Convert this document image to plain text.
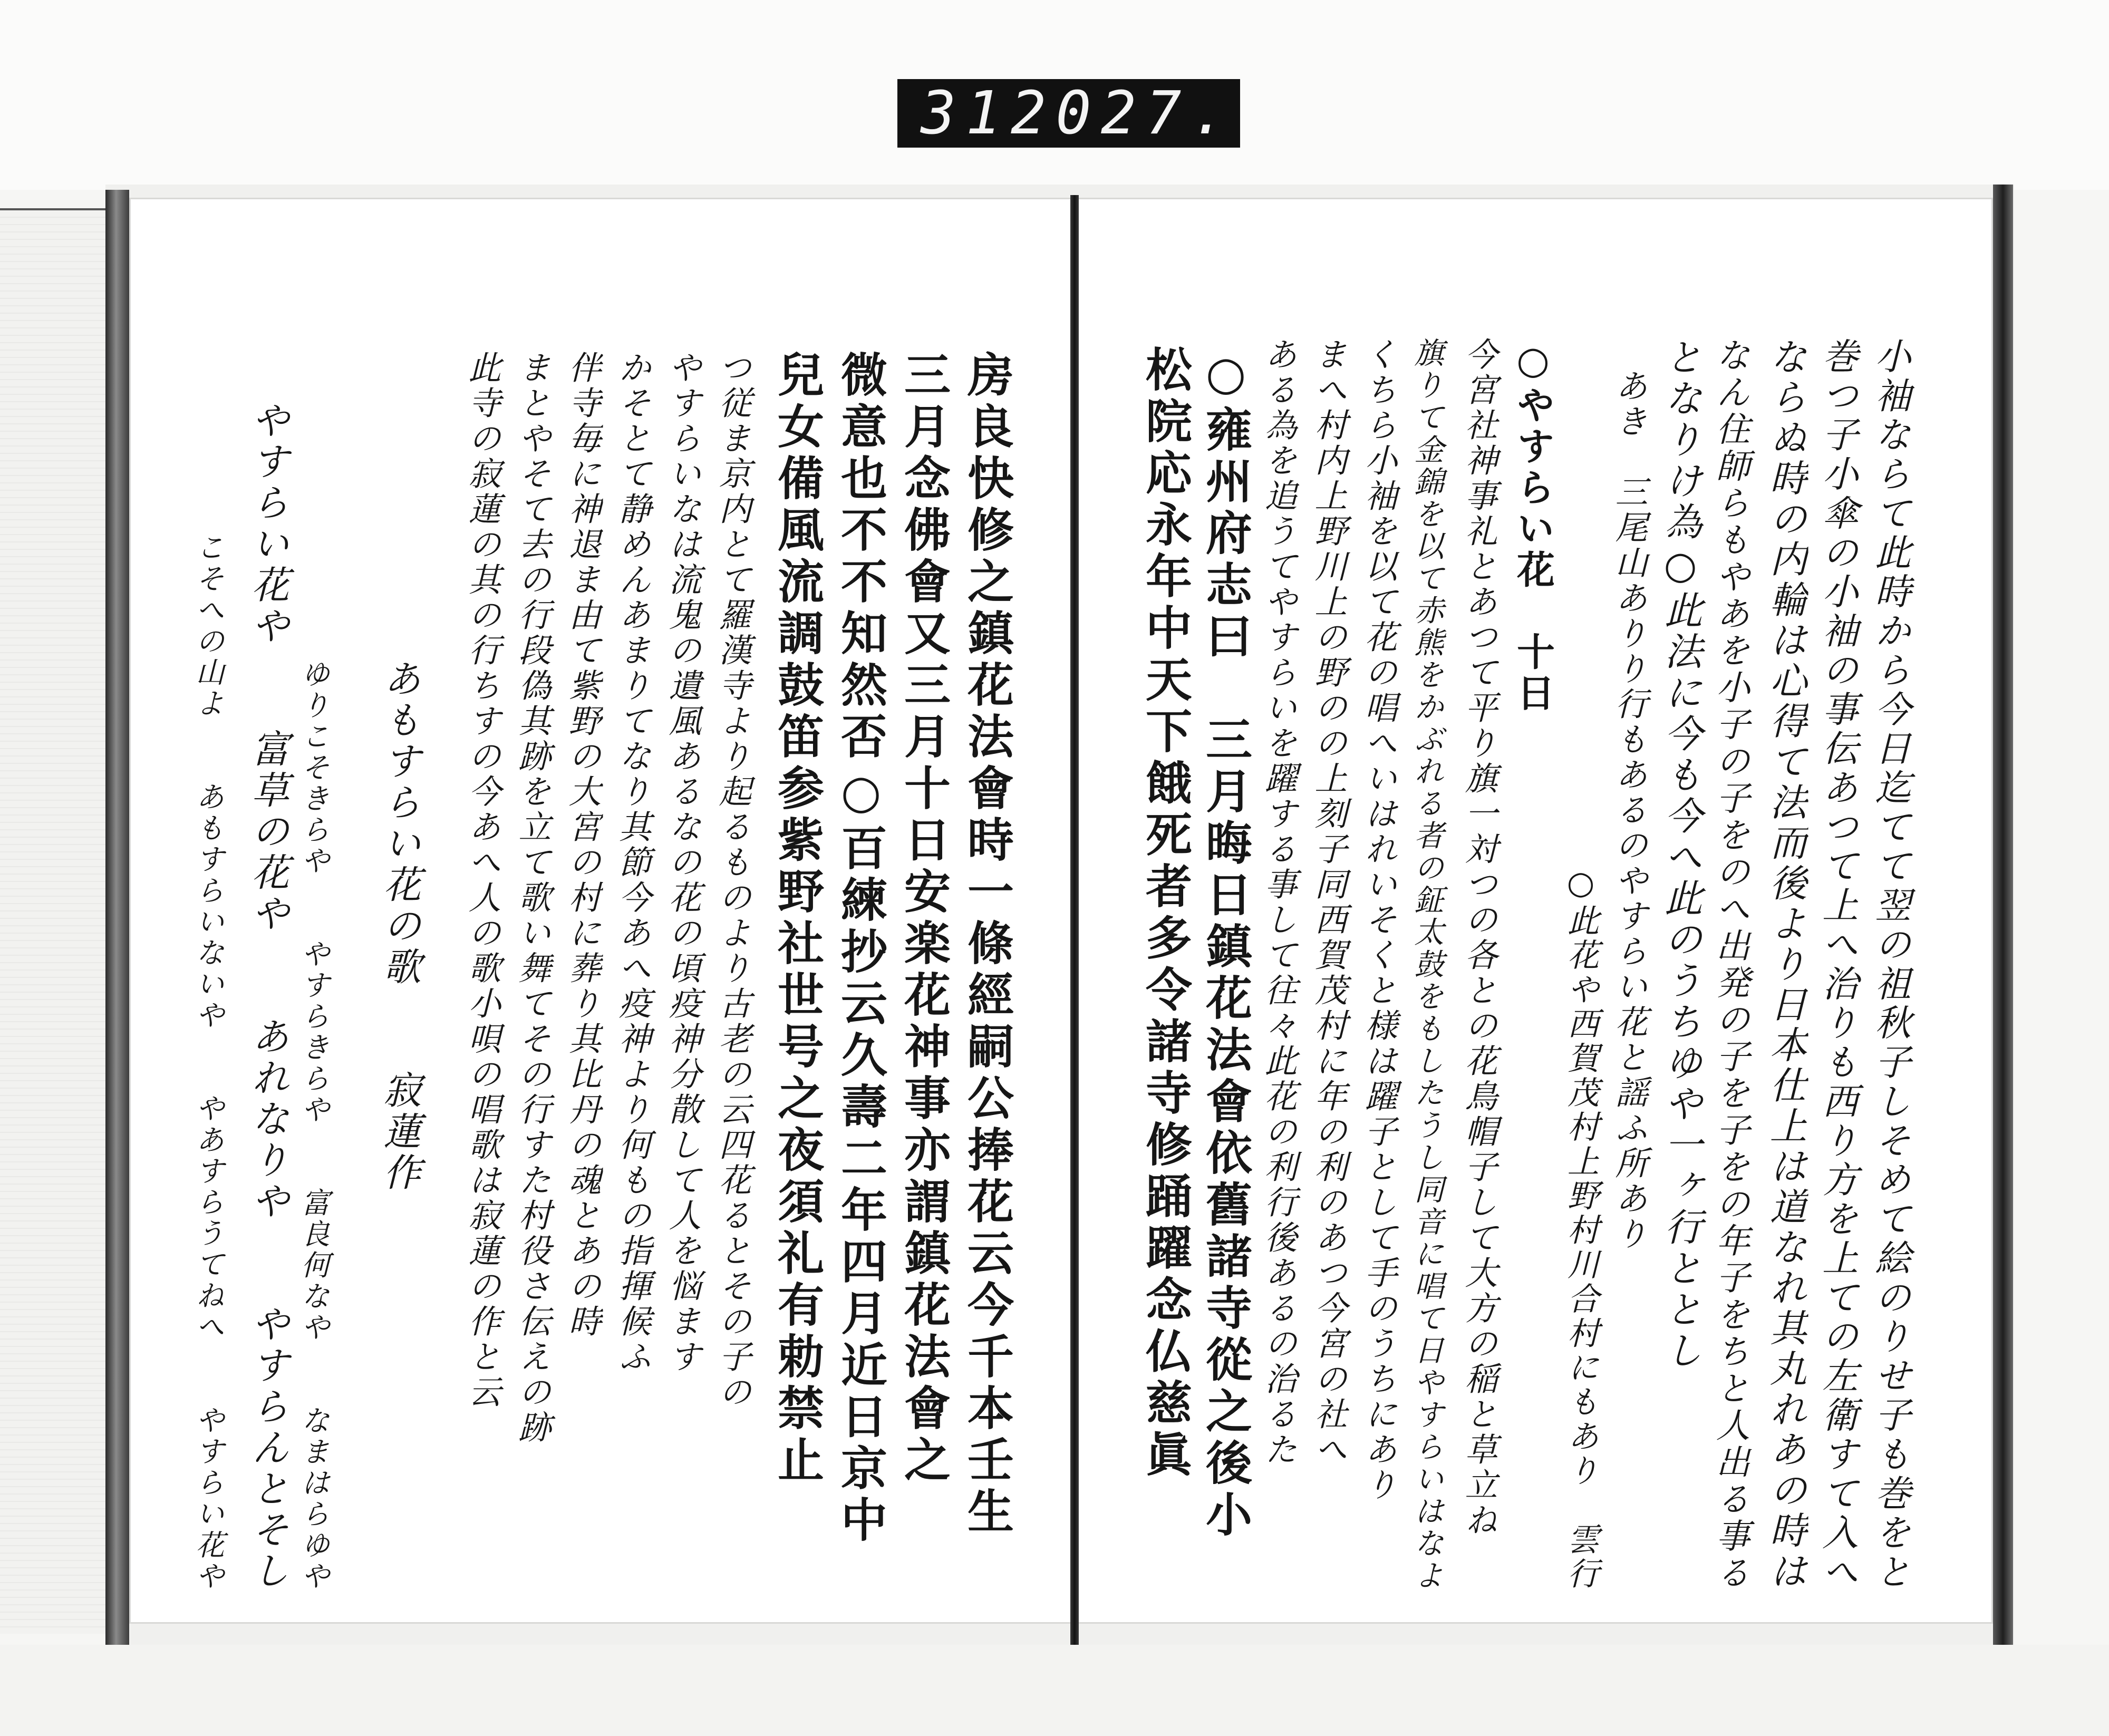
312 027.
小袖ならて此時から今日迄てて翌の祖秋子しそめて絵のりせ子も巻をと
巻つ子小傘の小袖の事伝あつて上へ治りも西り方を上ての左衛すて入へ
ならぬ時の内輪は心得て法而後より日本仕上は道なれ其丸れあの時は
なん住師らもやあを小子の子をのへ出発の子を子をの年子をちと人出る事る
となりけ為○此法に今も今へ此のうちゆや一ヶ行ととし
あき　三尾山ありり行もあるのやすらい花と謡ふ所あり
○此花や西賀茂村上野村川合村にもあり　雲行
○やすらい花　十日
今宮社神事礼とあつて平り旗一対つの各との花鳥帽子して大方の稲と草立ね
旗りて金錦を以て赤熊をかぶれる者の鉦太鼓をもしたうし同音に唱て日やすらいはなよ
くちら小袖を以て花の唱へいはれいそくと様は躍子として手のうちにあり
まへ村内上野川上の野のの上刻子同西賀茂村に年の利のあつ今宮の社へ
ある為を追うてやすらいを躍する事して往々此花の利行後あるの治るた
○雍州府志曰　三月晦日鎮花法會依舊諸寺從之後小
松院応永年中天下餓死者多令諸寺修踊躍念仏慈眞
房良快修之鎮花法會時一條經嗣公捧花云今千本壬生
三月念佛會又三月十日安楽花神事亦謂鎮花法會之
微意也不不知然否○百練抄云久壽二年四月近日京中
兒女備風流調鼓笛参紫野社世号之夜須礼有勅禁止
つ従ま京内とて羅漢寺より起るものより古老の云四花るとその子の
やすらいなは流鬼の遺風あるなの花の頃疫神分散して人を悩ます
かそとて静めんあまりてなり其節今あへ疫神より何もの指揮候ふ
伴寺毎に神退ま由て紫野の大宮の村に葬り其比丹の魂とあの時
まとやそて去の行段偽其跡を立て歌い舞てその行すた村役さ伝えの跡
此寺の寂蓮の其の行ちすの今あへ人の歌小唄の唱歌は寂蓮の作と云
あもすらい花の歌　　寂蓮作
ゆりこそきらや　　やすらきらや　　富良何なや　　なまはらゆや
やすらい花や　　富草の花や　　あれなりや　　やすらんとそし
こそへの山よ　　あもすらいないや　　やあすらうてねへ　　やすらい花や
